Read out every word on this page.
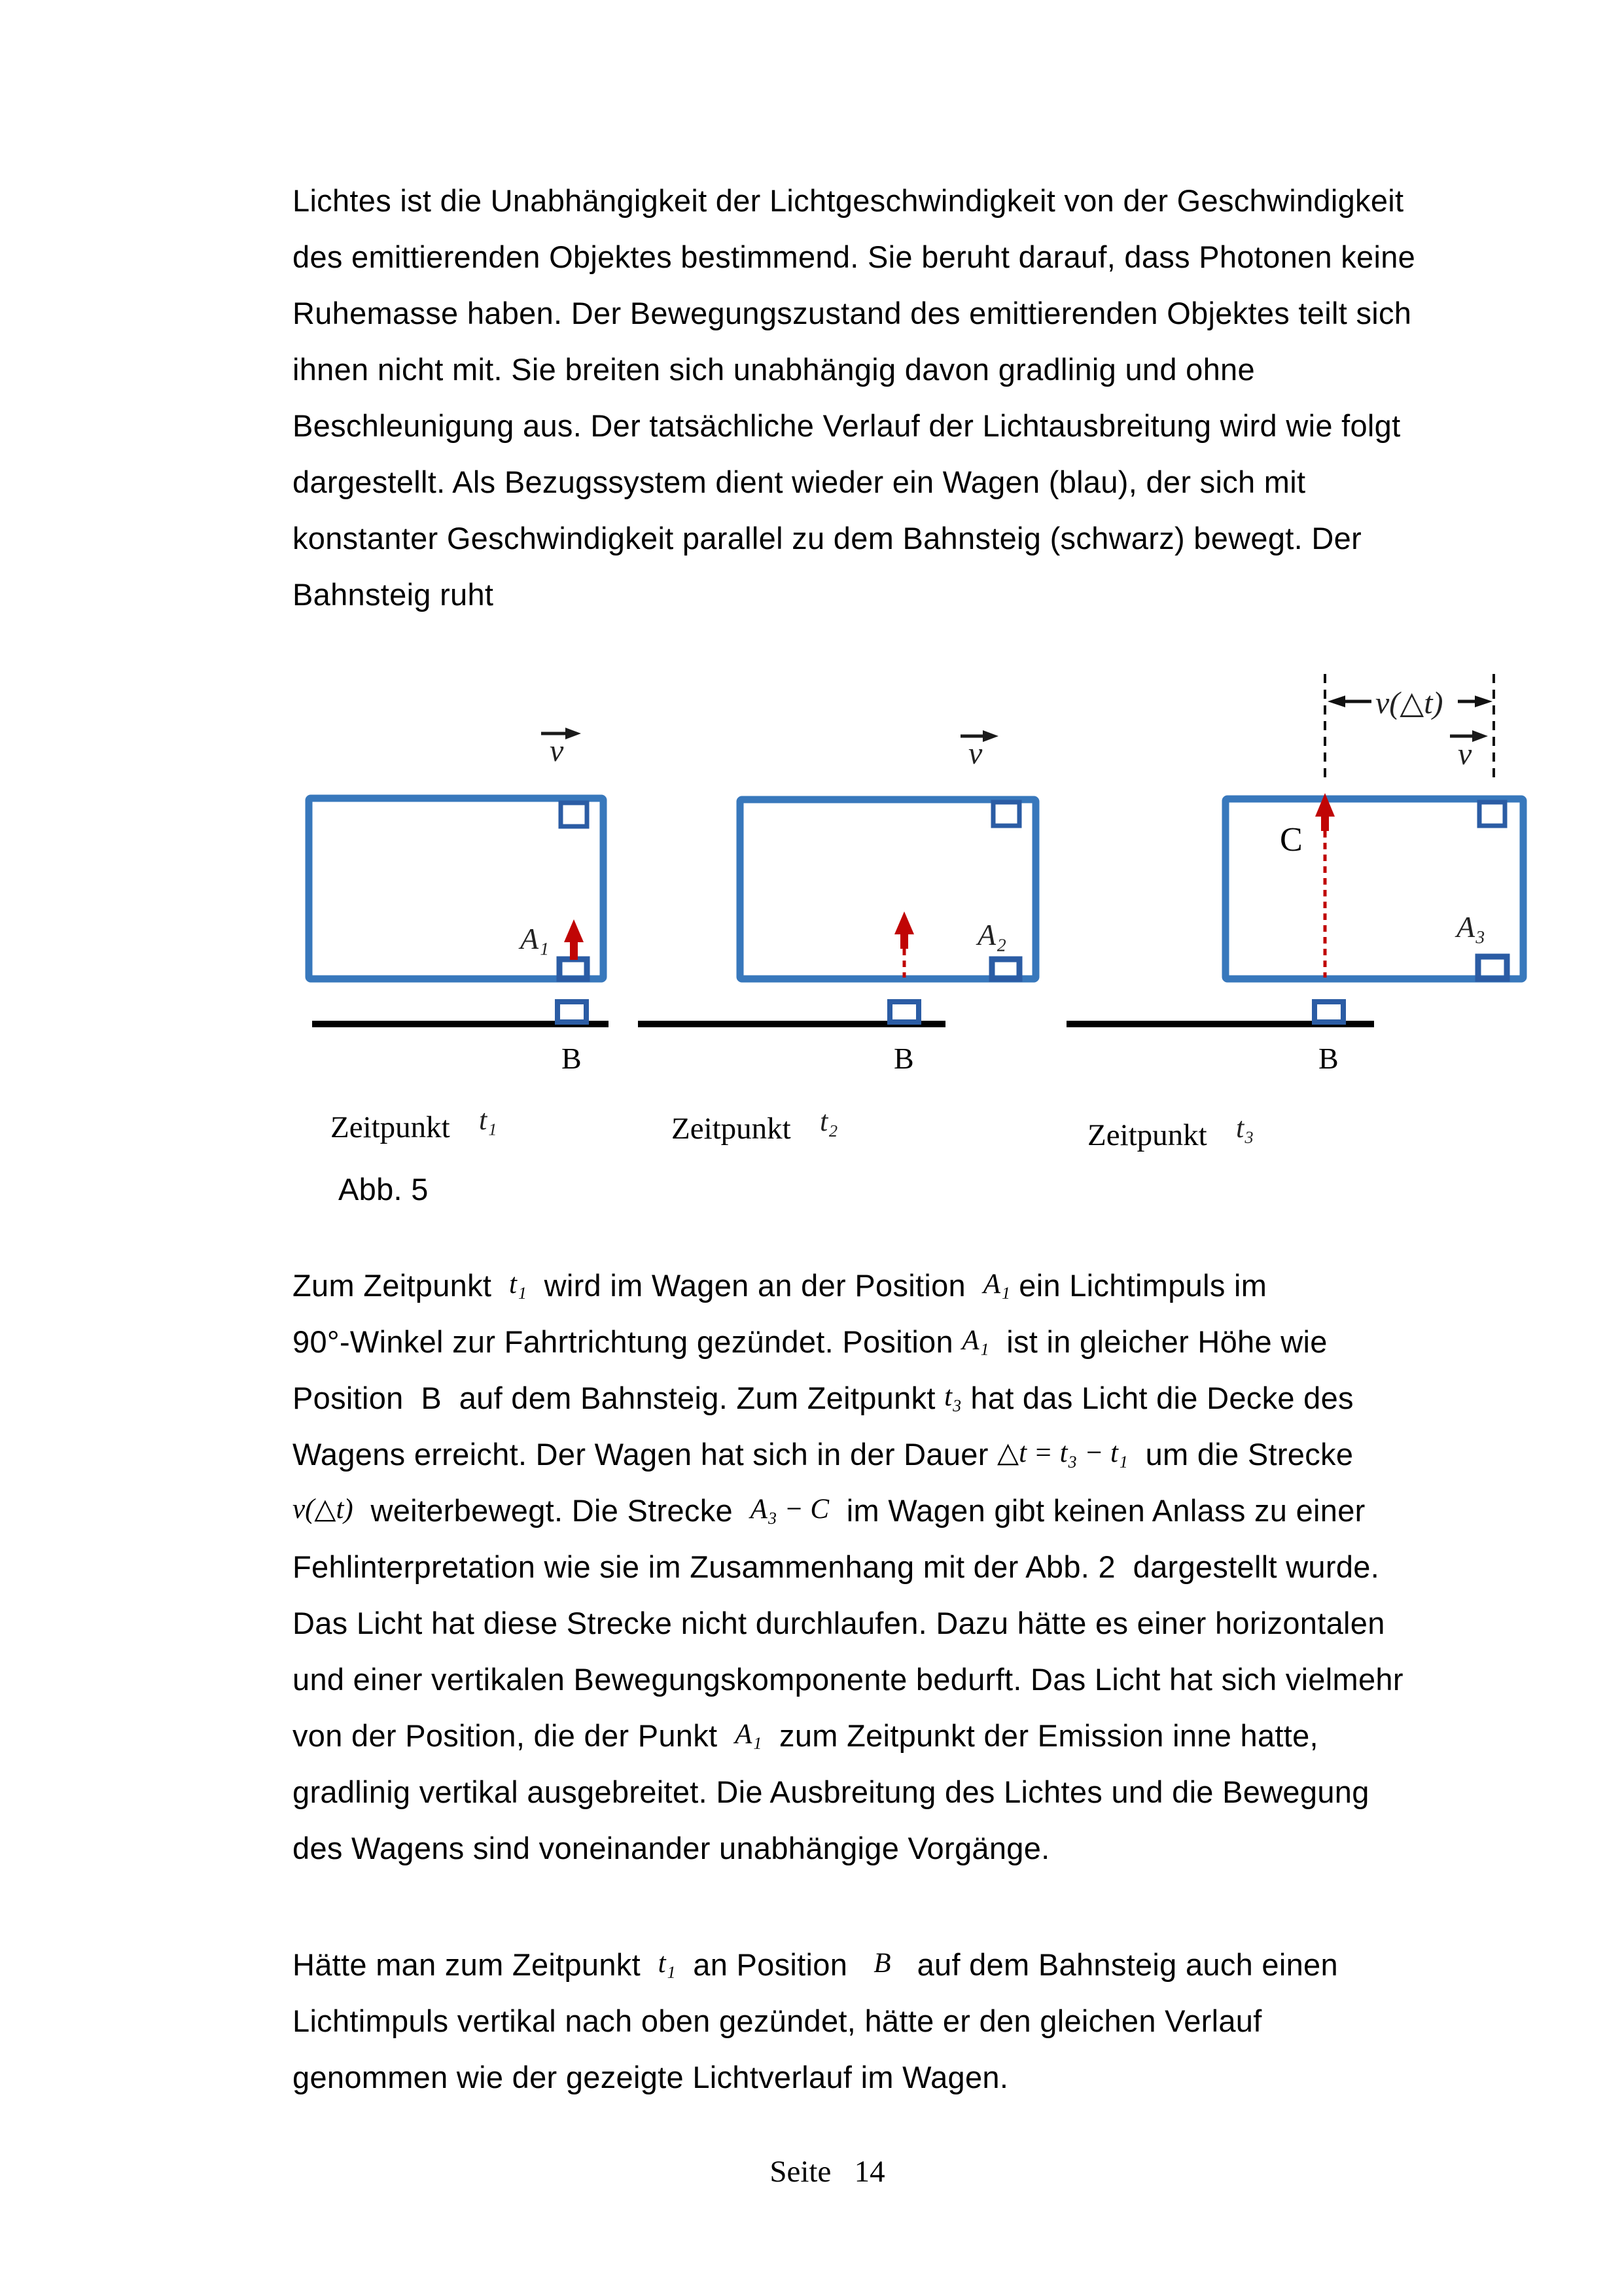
Lichtes ist die Unabhängigkeit der Lichtgeschwindigkeit von der Geschwindigkeit
des emittierenden Objektes bestimmend. Sie beruht darauf, dass Photonen keine
Ruhemasse haben. Der Bewegungszustand des emittierenden Objektes teilt sich
ihnen nicht mit. Sie breiten sich unabhängig davon gradlinig und ohne
Beschleunigung aus. Der tatsächliche Verlauf der Lichtausbreitung wird wie folgt
dargestellt. Als Bezugssystem dient wieder ein Wagen (blau), der sich mit
konstanter Geschwindigkeit parallel zu dem Bahnsteig (schwarz) bewegt. Der
Bahnsteig ruht
v
A₁
B
Zeitpunkt t₁
v
A₂
B
Zeitpunkt t₂
v(△t)
v
C
A₃
B
Zeitpunkt t₃
Abb. 5
Zum Zeitpunkt  t₁  wird im Wagen an der Position  A₁ ein Lichtimpuls im
90°-Winkel zur Fahrtrichtung gezündet. Position A₁  ist in gleicher Höhe wie
Position  B  auf dem Bahnsteig. Zum Zeitpunkt t₃ hat das Licht die Decke des
Wagens erreicht. Der Wagen hat sich in der Dauer △t = t₃ − t₁  um die Strecke
v(△t)  weiterbewegt. Die Strecke  A₃ − C  im Wagen gibt keinen Anlass zu einer
Fehlinterpretation wie sie im Zusammenhang mit der Abb. 2  dargestellt wurde.
Das Licht hat diese Strecke nicht durchlaufen. Dazu hätte es einer horizontalen
und einer vertikalen Bewegungskomponente bedurft. Das Licht hat sich vielmehr
von der Position, die der Punkt  A₁  zum Zeitpunkt der Emission inne hatte,
gradlinig vertikal ausgebreitet. Die Ausbreitung des Lichtes und die Bewegung
des Wagens sind voneinander unabhängige Vorgänge.
Hätte man zum Zeitpunkt  t₁  an Position   B   auf dem Bahnsteig auch einen
Lichtimpuls vertikal nach oben gezündet, hätte er den gleichen Verlauf
genommen wie der gezeigte Lichtverlauf im Wagen.

Seite   14
